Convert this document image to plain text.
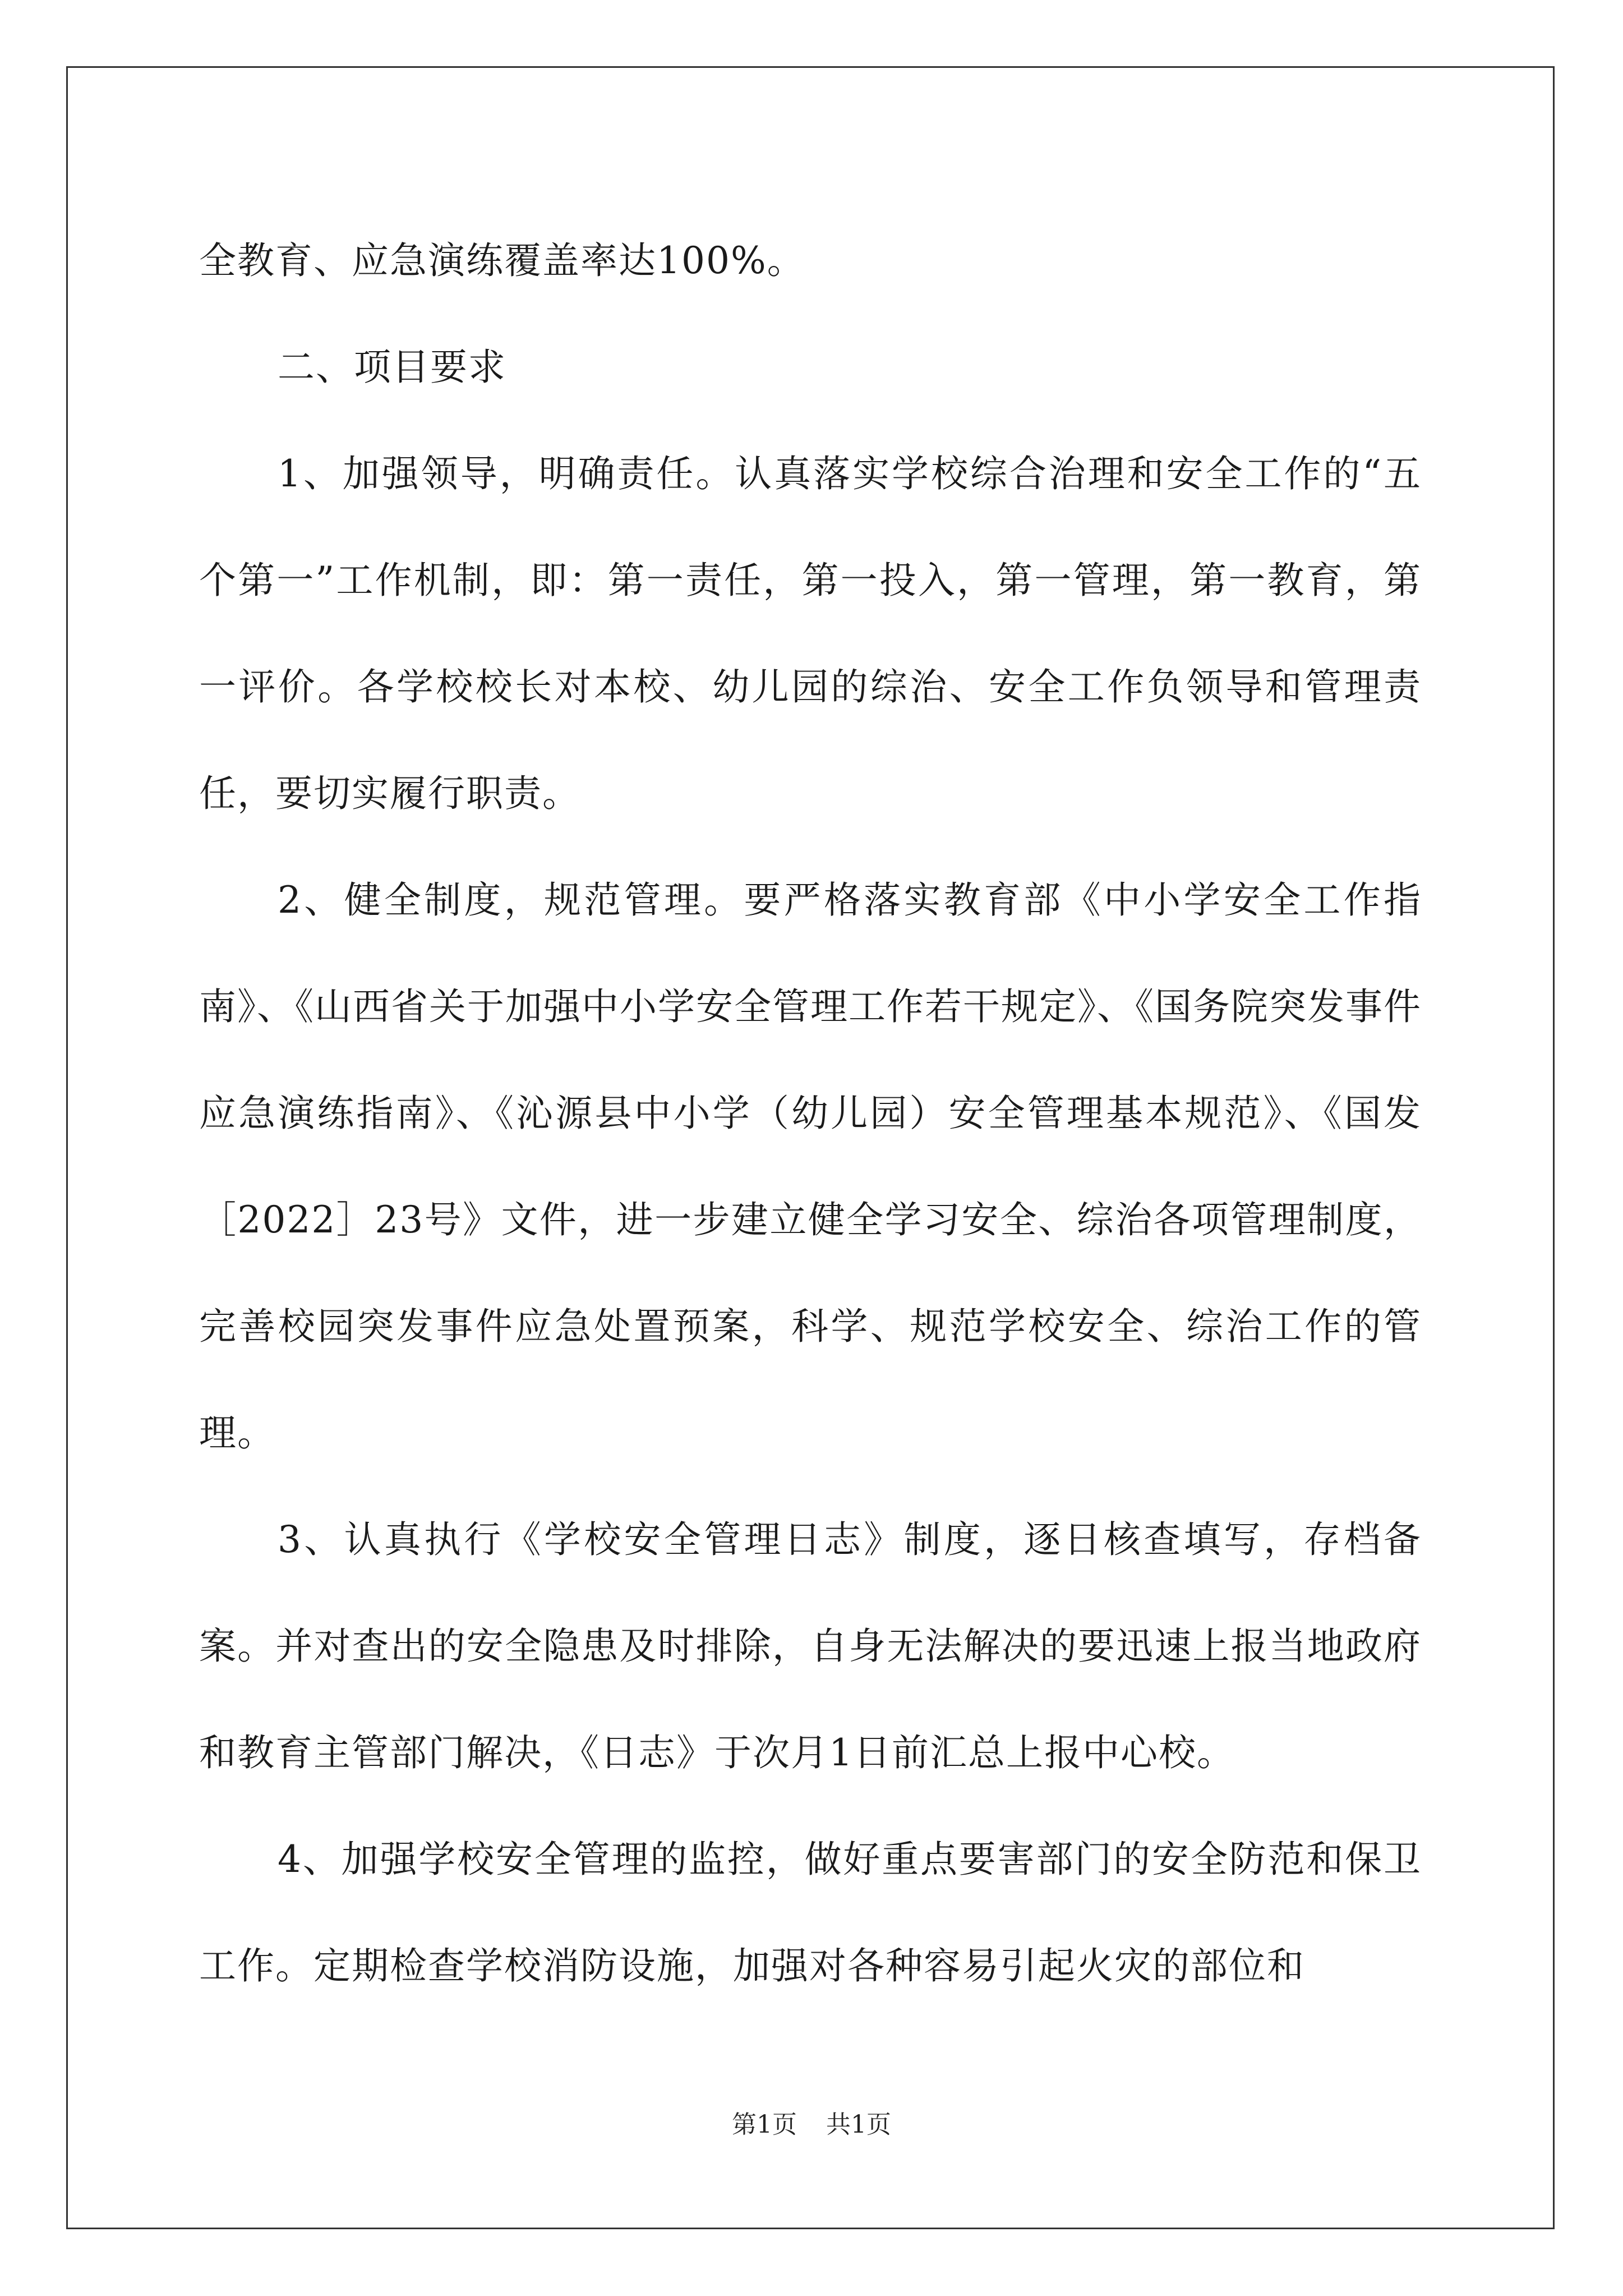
全教育、应急演练覆盖率达100%。

二、项目要求

1、加强领导，明确责任。认真落实学校综合治理和安全工作的“五个第一”工作机制，即：第一责任，第一投入，第一管理，第一教育，第一评价。各学校校长对本校、幼儿园的综治、安全工作负领导和管理责任，要切实履行职责。

2、健全制度，规范管理。要严格落实教育部《中小学安全工作指南》、《山西省关于加强中小学安全管理工作若干规定》、《国务院突发事件应急演练指南》、《沁源县中小学（幼儿园）安全管理基本规范》、《国发［2022］23号》文件，进一步建立健全学习安全、综治各项管理制度，完善校园突发事件应急处置预案，科学、规范学校安全、综治工作的管理。

3、认真执行《学校安全管理日志》制度，逐日核查填写，存档备案。并对查出的安全隐患及时排除，自身无法解决的要迅速上报当地政府和教育主管部门解决，《日志》于次月1日前汇总上报中心校。

4、加强学校安全管理的监控，做好重点要害部门的安全防范和保卫工作。定期检查学校消防设施，加强对各种容易引起火灾的部位和

第1页 共1页
